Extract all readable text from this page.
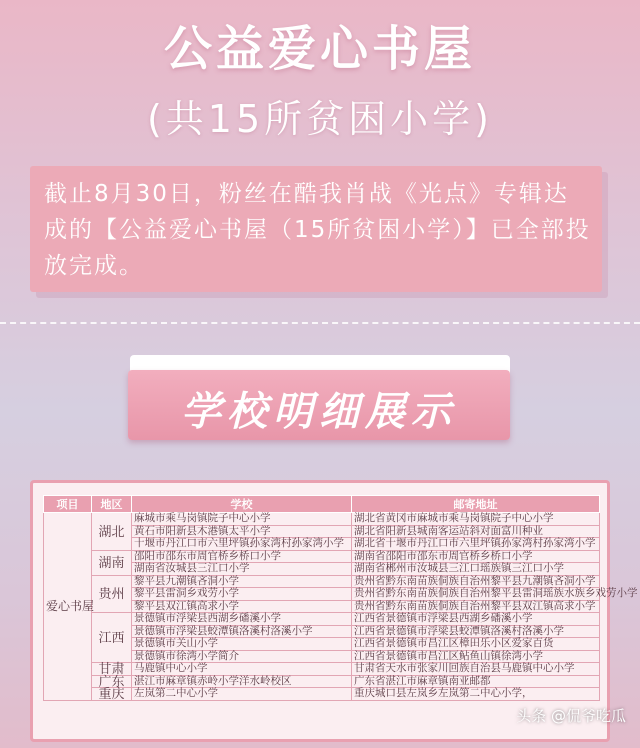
公益爱心书屋
(共15所贫困小学)
截止8月30日，粉丝在酷我肖战《光点》专辑达成的【公益爱心书屋（15所贫困小学）】已全部投放完成。
学校明细展示
项目	地区	学校	邮寄地址
爱心书屋	湖北	麻城市乘马岗镇院子中心小学	湖北省黄冈市麻城市乘马岗镇院子中心小学
		黄石市阳新县木港镇太平小学	湖北省阳新县城南客运站斜对面富川种业
		十堰市丹江口市六里坪镇孙家湾村孙家湾小学	湖北省十堰市丹江口市六里坪镇孙家湾村孙家湾小学
	湖南	邵阳市邵东市周官桥乡桥口小学	湖南省邵阳市邵东市周官桥乡桥口小学
		湖南省汝城县三江口小学	湖南省郴州市汝城县三江口瑶族镇三江口小学
	贵州	黎平县九潮镇吝洞小学	贵州省黔东南苗族侗族自治州黎平县九潮镇吝洞小学
		黎平县雷洞乡戏劳小学	贵州省黔东南苗族侗族自治州黎平县雷洞瑶族水族乡戏劳小学
		黎平县双江镇高求小学	贵州省黔东南苗族侗族自治州黎平县双江镇高求小学
	江西	景德镇市浮梁县西湖乡磻溪小学	江西省景德镇市浮梁县西湖乡磻溪小学
		景德镇市浮梁县蛟潭镇洛溪村洛溪小学	江西省景德镇市浮梁县蛟潭镇洛溪村洛溪小学
		景德镇市关山小学	江西省景德镇市昌江区樟田乐小区爱家百货
		景德镇市徐湾小学简介	江西省景德镇市昌江区鲇鱼山镇徐湾小学
	甘肃	马鹿镇中心小学	甘肃省天水市张家川回族自治县马鹿镇中心小学
	广东	湛江市麻章镇赤岭小学洋水岭校区	广东省湛江市麻章镇南亚邮都
	重庆	左岚第二中心小学	重庆城口县左岚乡左岚第二中心小学，
头条 @侃爷吃瓜
